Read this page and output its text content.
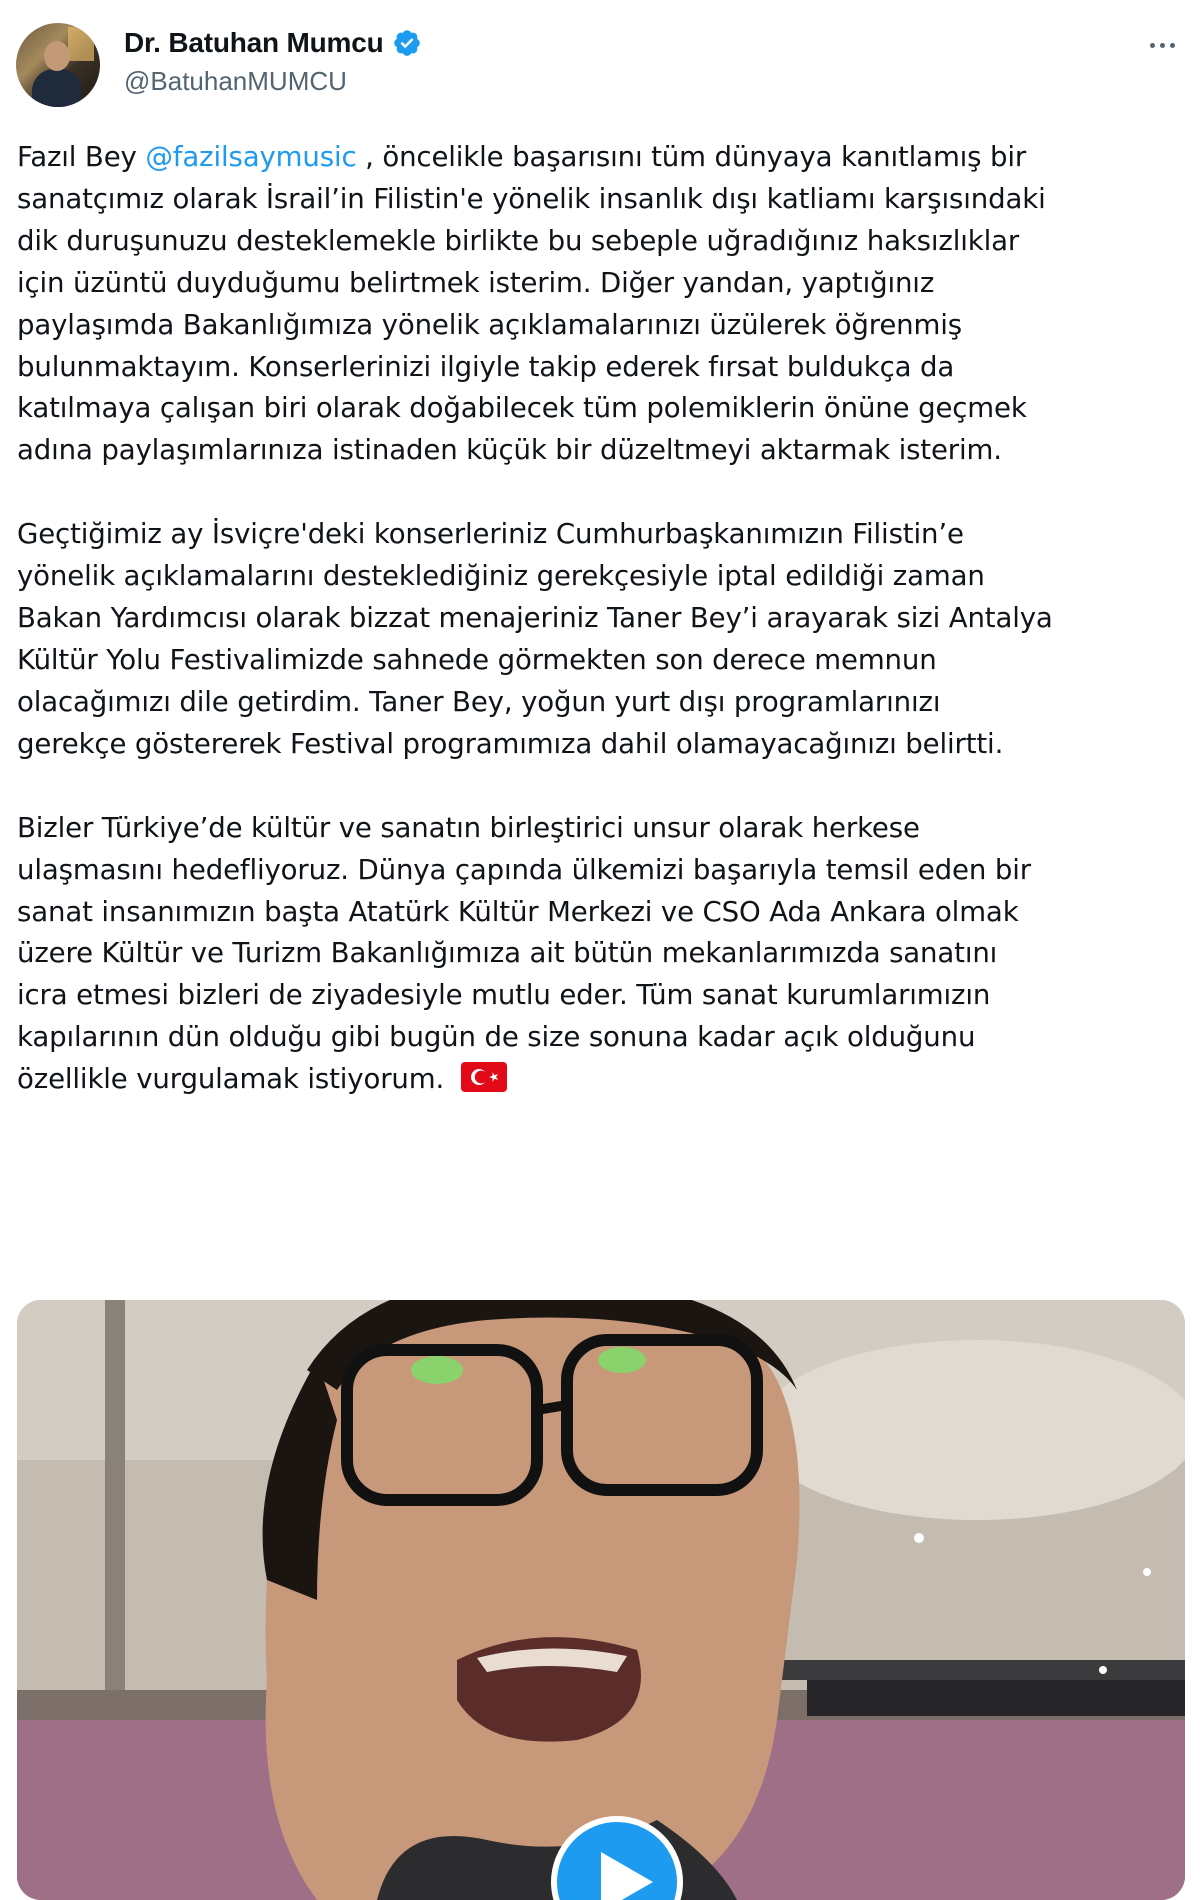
Dr. Batuhan Mumcu
@BatuhanMUMCU

Fazıl Bey @fazilsaymusic , öncelikle başarısını tüm dünyaya kanıtlamış bir
sanatçımız olarak İsrail’in Filistin'e yönelik insanlık dışı katliamı karşısındaki
dik duruşunuzu desteklemekle birlikte bu sebeple uğradığınız haksızlıklar
için üzüntü duyduğumu belirtmek isterim. Diğer yandan, yaptığınız
paylaşımda Bakanlığımıza yönelik açıklamalarınızı üzülerek öğrenmiş
bulunmaktayım. Konserlerinizi ilgiyle takip ederek fırsat buldukça da
katılmaya çalışan biri olarak doğabilecek tüm polemiklerin önüne geçmek
adına paylaşımlarınıza istinaden küçük bir düzeltmeyi aktarmak isterim.

Geçtiğimiz ay İsviçre'deki konserleriniz Cumhurbaşkanımızın Filistin’e
yönelik açıklamalarını desteklediğiniz gerekçesiyle iptal edildiği zaman
Bakan Yardımcısı olarak bizzat menajeriniz Taner Bey’i arayarak sizi Antalya
Kültür Yolu Festivalimizde sahnede görmekten son derece memnun
olacağımızı dile getirdim. Taner Bey, yoğun yurt dışı programlarınızı
gerekçe göstererek Festival programımıza dahil olamayacağınızı belirtti.

Bizler Türkiye’de kültür ve sanatın birleştirici unsur olarak herkese
ulaşmasını hedefliyoruz. Dünya çapında ülkemizi başarıyla temsil eden bir
sanat insanımızın başta Atatürk Kültür Merkezi ve CSO Ada Ankara olmak
üzere Kültür ve Turizm Bakanlığımıza ait bütün mekanlarımızda sanatını
icra etmesi bizleri de ziyadesiyle mutlu eder. Tüm sanat kurumlarımızın
kapılarının dün olduğu gibi bugün de size sonuna kadar açık olduğunu
özellikle vurgulamak istiyorum.
